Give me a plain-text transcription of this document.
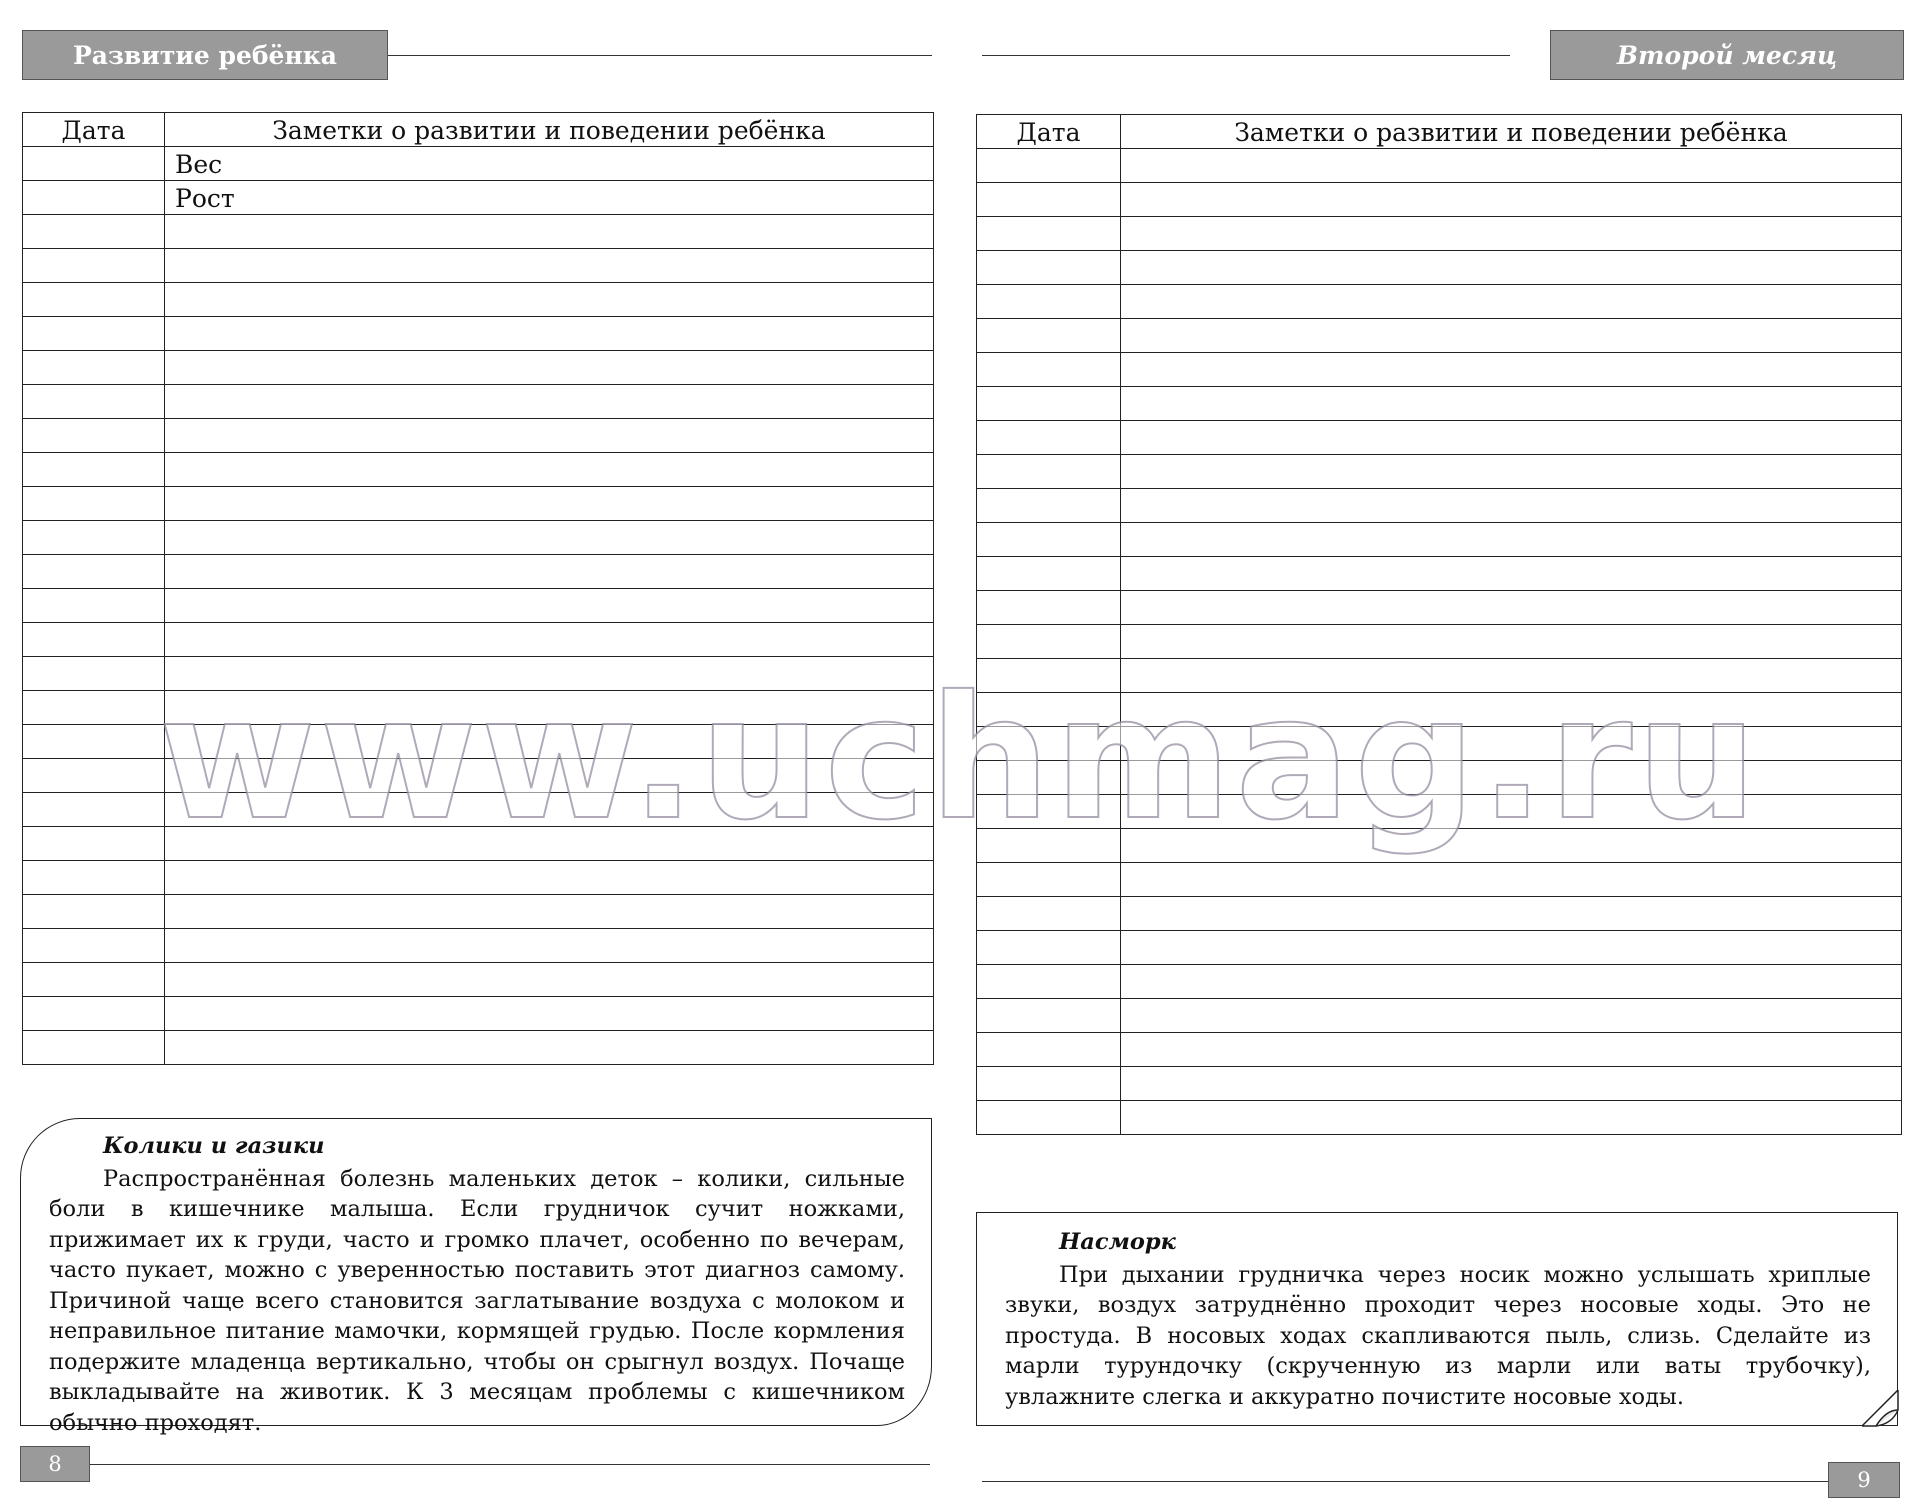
Развитие ребёнка
Дата	Заметки о развитии и поведении ребёнка
	Вес
	Рост

Колики и газики
Распространённая болезнь маленьких деток – колики, сильные боли в кишечнике малыша. Если грудничок сучит ножками, прижимает их к груди, часто и громко плачет, особенно по вечерам, часто пукает, можно с уверенностью поставить этот диагноз самому. Причиной чаще всего становится заглатывание воздуха с молоком и неправильное питание мамочки, кормящей грудью. После кормления подержите младенца вертикально, чтобы он срыгнул воздух. Почаще выкладывайте на животик. К 3 месяцам проблемы с кишечником обычно проходят.
8
Второй месяц
Дата	Заметки о развитии и поведении ребёнка

Насморк
При дыхании грудничка через носик можно услышать хриплые звуки, воздух затруднённо проходит через носовые ходы. Это не простуда. В носовых ходах скапливаются пыль, слизь. Сделайте из марли турундочку (скрученную из марли или ваты трубочку), увлажните слегка и аккуратно почистите носовые ходы.
9
www.uchmag.ru
